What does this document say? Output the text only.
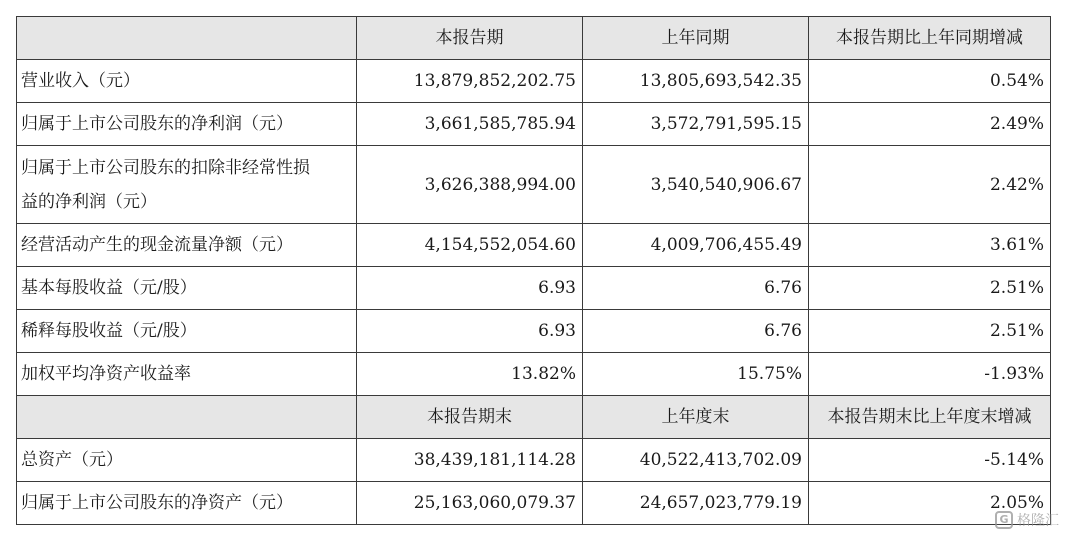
	本报告期	上年同期	本报告期比上年同期增减
营业收入（元）	13,879,852,202.75	13,805,693,542.35	0.54%
归属于上市公司股东的净利润（元）	3,661,585,785.94	3,572,791,595.15	2.49%

归属于上市公司股东的扣除非经常性损
益的净利润（元）	3,626,388,994.00	3,540,540,906.67	2.42%
经营活动产生的现金流量净额（元）	4,154,552,054.60	4,009,706,455.49	3.61%
基本每股收益（元/股）	6.93	6.76	2.51%
稀释每股收益（元/股）	6.93	6.76	2.51%
加权平均净资产收益率	13.82%	15.75%	-1.93%
	本报告期末	上年度末	本报告期末比上年度末增减
总资产（元）	38,439,181,114.28	40,522,413,702.09	-5.14%
归属于上市公司股东的净资产（元）	25,163,060,079.37	24,657,023,779.19	2.05%
G 格隆汇
